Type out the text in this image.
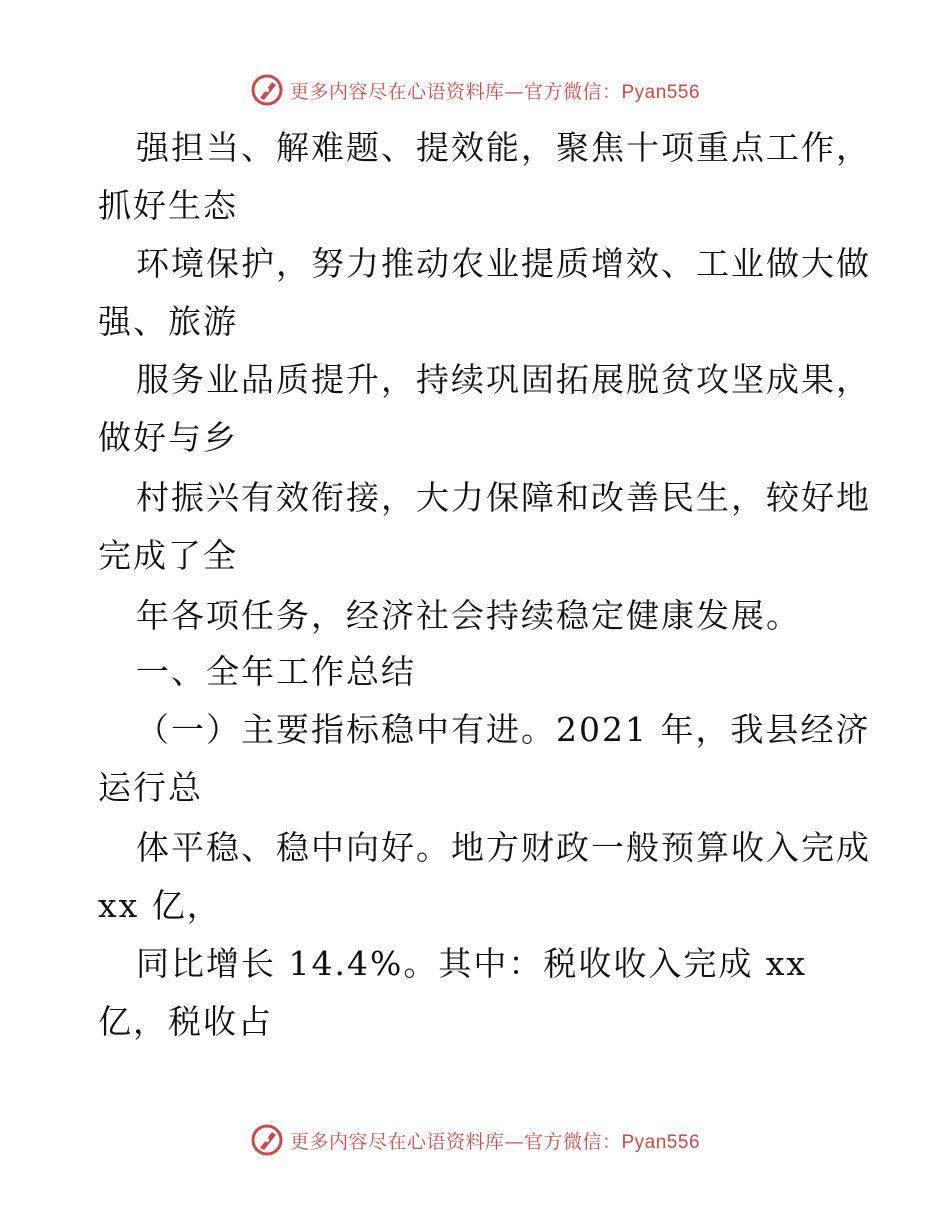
更多内容尽在心语资料库—官方微信：Pyan556
强担当、解难题、提效能，聚焦十项重点工作，
抓好生态
环境保护，努力推动农业提质增效、工业做大做
强、旅游
服务业品质提升，持续巩固拓展脱贫攻坚成果，
做好与乡
村振兴有效衔接，大力保障和改善民生，较好地
完成了全
年各项任务，经济社会持续稳定健康发展。
一、全年工作总结
（一）主要指标稳中有进。2021 年，我县经济
运行总
体平稳、稳中向好。地方财政一般预算收入完成
xx 亿，
同比增长 14.4%。其中：税收收入完成 xx
亿，税收占
更多内容尽在心语资料库—官方微信：Pyan556
